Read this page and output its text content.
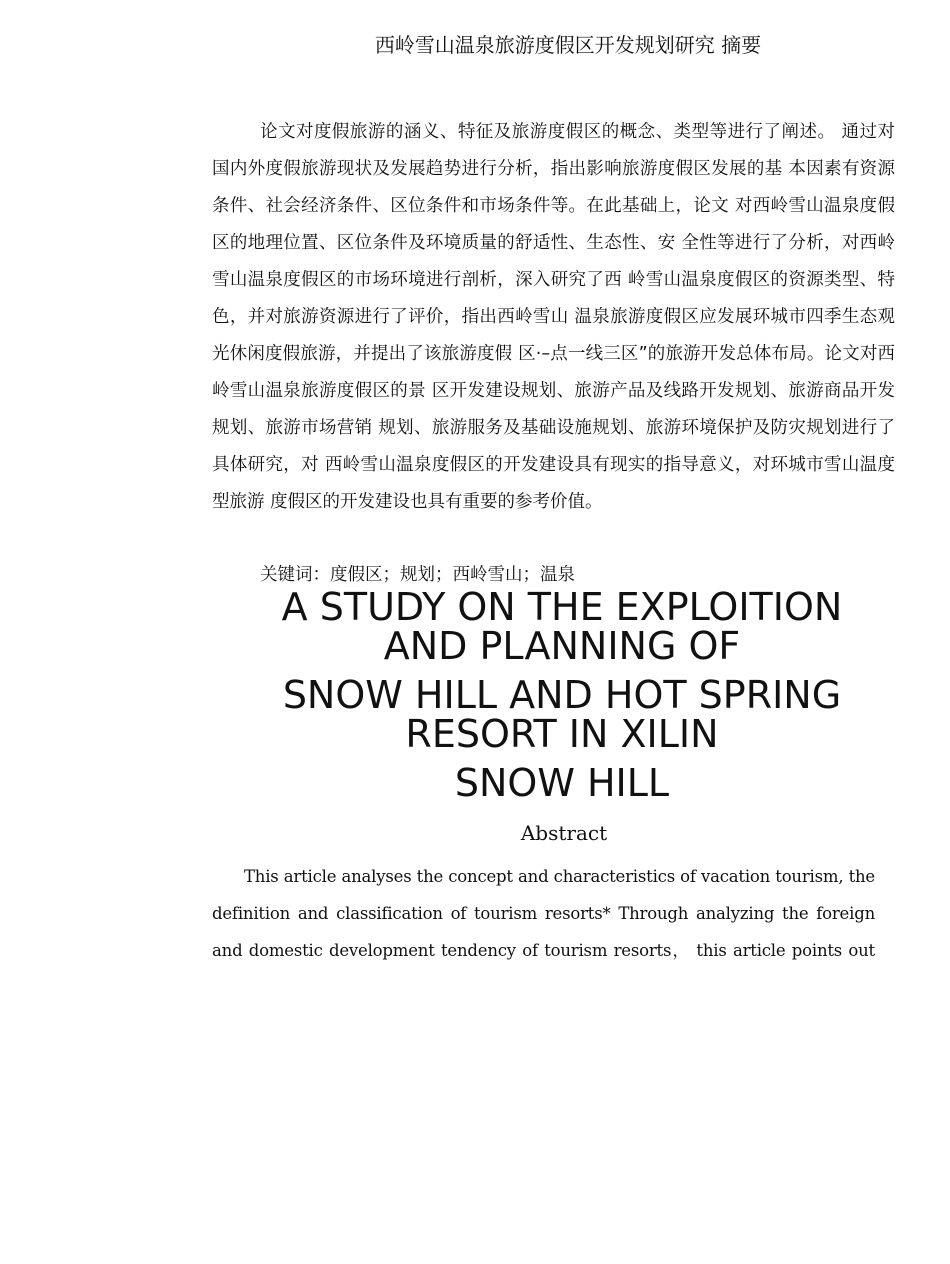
西岭雪山温泉旅游度假区开发规划研究 摘要

论文对度假旅游的涵义、特征及旅游度假区的概念、类型等进行了阐述。 通过对国内外度假旅游现状及发展趋势进行分析，指出影响旅游度假区发展的基 本因素有资源条件、社会经济条件、区位条件和市场条件等。在此基础上，论文 对西岭雪山温泉度假区的地理位置、区位条件及环境质量的舒适性、生态性、安 全性等进行了分析，对西岭雪山温泉度假区的市场环境进行剖析，深入研究了西 岭雪山温泉度假区的资源类型、特色，并对旅游资源进行了评价，指出西岭雪山 温泉旅游度假区应发展环城市四季生态观光休闲度假旅游，并提出了该旅游度假 区·–点一线三区”的旅游开发总体布局。论文对西岭雪山温泉旅游度假区的景 区开发建设规划、旅游产品及线路开发规划、旅游商品开发规划、旅游市场营销 规划、旅游服务及基础设施规划、旅游环境保护及防灾规划进行了具体研究，对 西岭雪山温泉度假区的开发建设具有现实的指导意义，对环城市雪山温度型旅游 度假区的开发建设也具有重要的参考价值。

关键词：度假区；规划；西岭雪山；温泉

A STUDY ON THE EXPLOITION AND PLANNING OF
SNOW HILL AND HOT SPRING RESORT IN XILIN
SNOW HILL
Abstract

This article analyses the concept and characteristics of vacation tourism, the definition and classification of tourism resorts* Through analyzing the foreign and domestic development tendency of tourism resorts， this article points out
